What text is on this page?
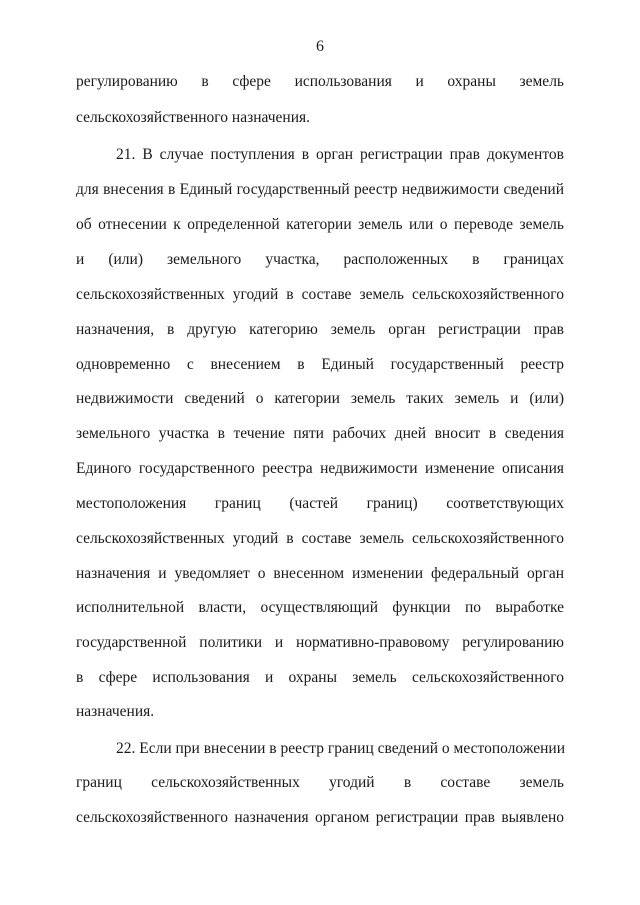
6
регулированию в сфере использования и охраны земель
сельскохозяйственного назначения.
21. В случае поступления в орган регистрации прав документов
для внесения в Единый государственный реестр недвижимости сведений
об отнесении к определенной категории земель или о переводе земель
и (или) земельного участка, расположенных в границах
сельскохозяйственных угодий в составе земель сельскохозяйственного
назначения, в другую категорию земель орган регистрации прав
одновременно с внесением в Единый государственный реестр
недвижимости сведений о категории земель таких земель и (или)
земельного участка в течение пяти рабочих дней вносит в сведения
Единого государственного реестра недвижимости изменение описания
местоположения границ (частей границ) соответствующих
сельскохозяйственных угодий в составе земель сельскохозяйственного
назначения и уведомляет о внесенном изменении федеральный орган
исполнительной власти, осуществляющий функции по выработке
государственной политики и нормативно-правовому регулированию
в сфере использования и охраны земель сельскохозяйственного
назначения.
22. Если при внесении в реестр границ сведений о местоположении
границ сельскохозяйственных угодий в составе земель
сельскохозяйственного назначения органом регистрации прав выявлено
